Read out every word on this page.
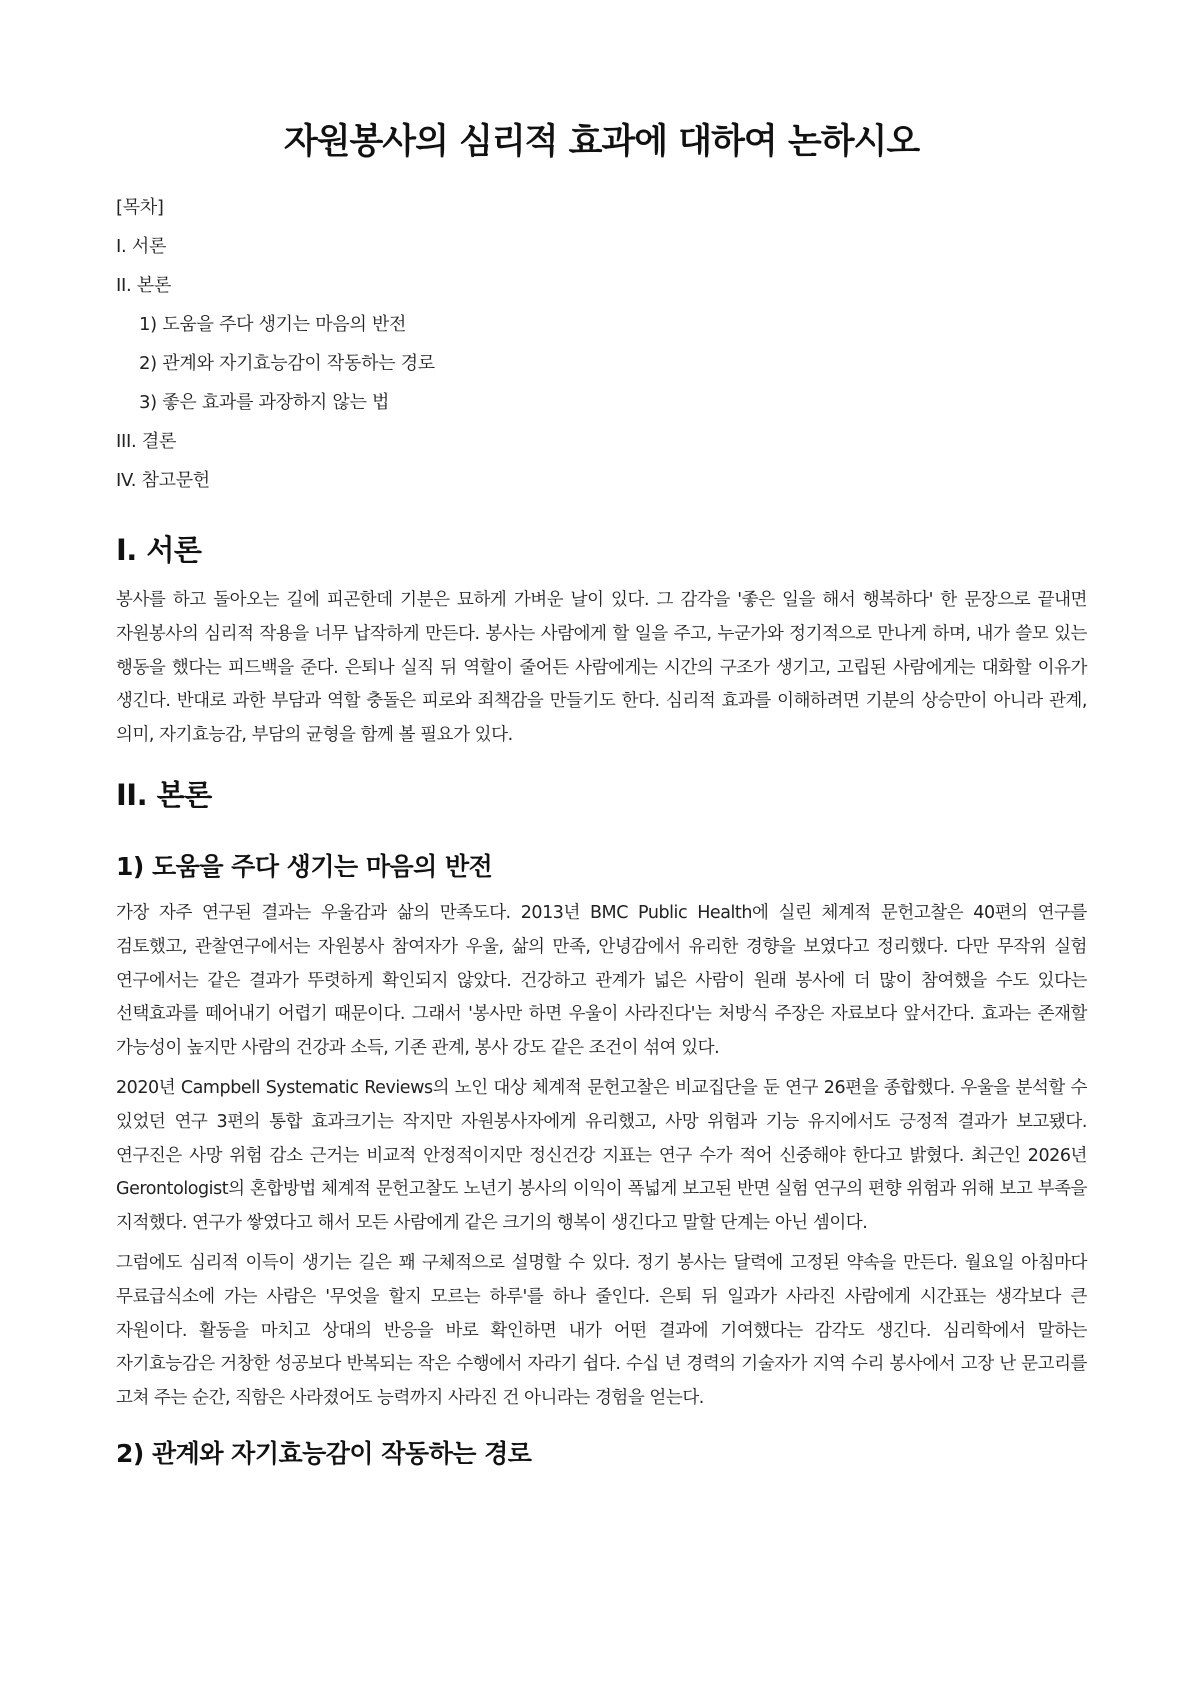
자원봉사의 심리적 효과에 대하여 논하시오
[목차]
I. 서론
II. 본론
1) 도움을 주다 생기는 마음의 반전
2) 관계와 자기효능감이 작동하는 경로
3) 좋은 효과를 과장하지 않는 법
III. 결론
IV. 참고문헌
I. 서론

봉사를 하고 돌아오는 길에 피곤한데 기분은 묘하게 가벼운 날이 있다. 그 감각을 '좋은 일을 해서 행복하다' 한 문장으로 끝내면 자원봉사의 심리적 작용을 너무 납작하게 만든다. 봉사는 사람에게 할 일을 주고, 누군가와 정기적으로 만나게 하며, 내가 쓸모 있는 행동을 했다는 피드백을 준다. 은퇴나 실직 뒤 역할이 줄어든 사람에게는 시간의 구조가 생기고, 고립된 사람에게는 대화할 이유가 생긴다. 반대로 과한 부담과 역할 충돌은 피로와 죄책감을 만들기도 한다. 심리적 효과를 이해하려면 기분의 상승만이 아니라 관계, 의미, 자기효능감, 부담의 균형을 함께 볼 필요가 있다.

II. 본론
1) 도움을 주다 생기는 마음의 반전

가장 자주 연구된 결과는 우울감과 삶의 만족도다. 2013년 BMC Public Health에 실린 체계적 문헌고찰은 40편의 연구를 검토했고, 관찰연구에서는 자원봉사 참여자가 우울, 삶의 만족, 안녕감에서 유리한 경향을 보였다고 정리했다. 다만 무작위 실험 연구에서는 같은 결과가 뚜렷하게 확인되지 않았다. 건강하고 관계가 넓은 사람이 원래 봉사에 더 많이 참여했을 수도 있다는 선택효과를 떼어내기 어렵기 때문이다. 그래서 '봉사만 하면 우울이 사라진다'는 처방식 주장은 자료보다 앞서간다. 효과는 존재할 가능성이 높지만 사람의 건강과 소득, 기존 관계, 봉사 강도 같은 조건이 섞여 있다.

2020년 Campbell Systematic Reviews의 노인 대상 체계적 문헌고찰은 비교집단을 둔 연구 26편을 종합했다. 우울을 분석할 수 있었던 연구 3편의 통합 효과크기는 작지만 자원봉사자에게 유리했고, 사망 위험과 기능 유지에서도 긍정적 결과가 보고됐다. 연구진은 사망 위험 감소 근거는 비교적 안정적이지만 정신건강 지표는 연구 수가 적어 신중해야 한다고 밝혔다. 최근인 2026년 Gerontologist의 혼합방법 체계적 문헌고찰도 노년기 봉사의 이익이 폭넓게 보고된 반면 실험 연구의 편향 위험과 위해 보고 부족을 지적했다. 연구가 쌓였다고 해서 모든 사람에게 같은 크기의 행복이 생긴다고 말할 단계는 아닌 셈이다.

그럼에도 심리적 이득이 생기는 길은 꽤 구체적으로 설명할 수 있다. 정기 봉사는 달력에 고정된 약속을 만든다. 월요일 아침마다 무료급식소에 가는 사람은 '무엇을 할지 모르는 하루'를 하나 줄인다. 은퇴 뒤 일과가 사라진 사람에게 시간표는 생각보다 큰 자원이다. 활동을 마치고 상대의 반응을 바로 확인하면 내가 어떤 결과에 기여했다는 감각도 생긴다. 심리학에서 말하는 자기효능감은 거창한 성공보다 반복되는 작은 수행에서 자라기 쉽다. 수십 년 경력의 기술자가 지역 수리 봉사에서 고장 난 문고리를 고쳐 주는 순간, 직함은 사라졌어도 능력까지 사라진 건 아니라는 경험을 얻는다.

2) 관계와 자기효능감이 작동하는 경로
